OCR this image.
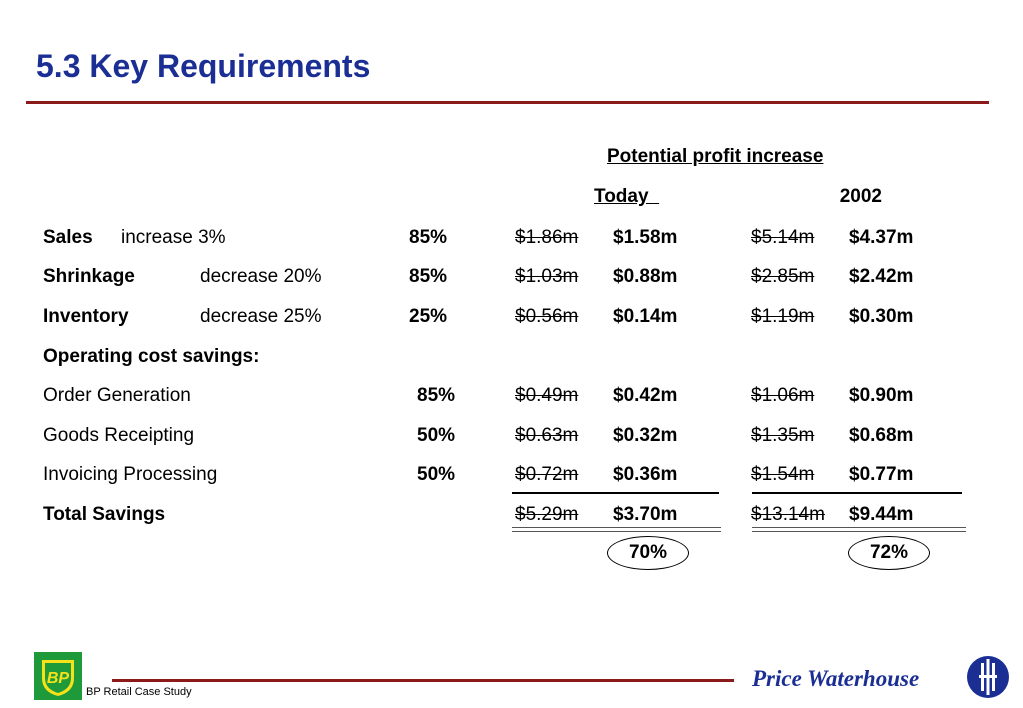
5.3 Key Requirements
Potential profit increase
Today	2002

Sales increase 3%	85%	$1.86m $1.58m	$5.14m $4.37m
Shrinkage	decrease 20%	85%	$1.03m $0.88m	$2.85m $2.42m
Inventory	decrease 25%	25%	$0.56m $0.14m	$1.19m $0.30m
Operating cost savings:
Order Generation	85%	$0.49m $0.42m	$1.06m $0.90m
Goods Receipting	50%	$0.63m $0.32m	$1.35m $0.68m
Invoicing Processing	50%	$0.72m $0.36m	$1.54m $0.77m
Total Savings	$5.29m $3.70m	$13.14m $9.44m
70%	72%
BP
BP Retail Case Study
Price Waterhouse
